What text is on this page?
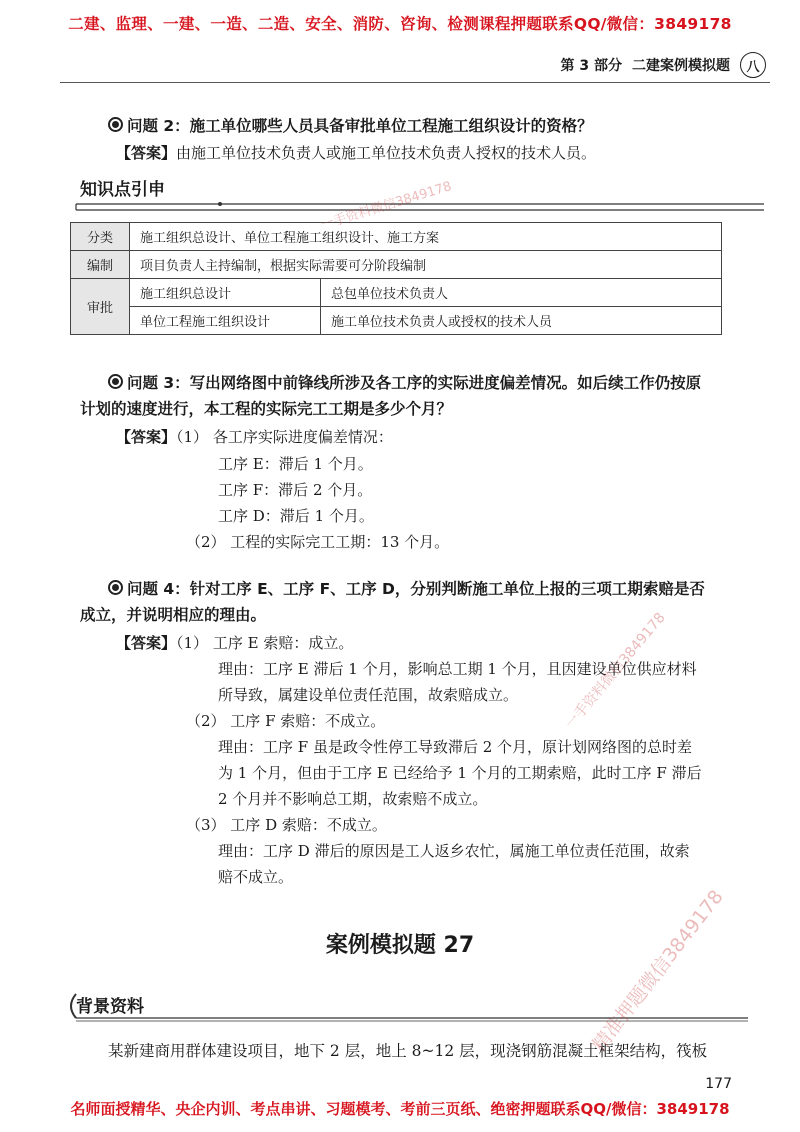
二建、监理、一建、一造、二造、安全、消防、咨询、检测课程押题联系QQ/微信：3849178
第 3 部分 二建案例模拟题	八
问题 2：施工单位哪些人员具备审批单位工程施工组织设计的资格？
【答案】由施工单位技术负责人或施工单位技术负责人授权的技术人员。
知识点引申
分类	施工组织总设计、单位工程施工组织设计、施工方案	
编制	项目负责人主持编制，根据实际需要可分阶段编制	
审批	施工组织总设计	总包单位技术负责人
	单位工程施工组织设计	施工单位技术负责人或授权的技术人员
问题 3：写出网络图中前锋线所涉及各工序的实际进度偏差情况。如后续工作仍按原
计划的速度进行，本工程的实际完工工期是多少个月？
【答案】（1） 各工序实际进度偏差情况：
工序 E：滞后 1 个月。
工序 F：滞后 2 个月。
工序 D：滞后 1 个月。
（2） 工程的实际完工工期：13 个月。
问题 4：针对工序 E、工序 F、工序 D，分别判断施工单位上报的三项工期索赔是否
成立，并说明相应的理由。
【答案】（1） 工序 E 索赔：成立。
理由：工序 E 滞后 1 个月，影响总工期 1 个月，且因建设单位供应材料
所导致，属建设单位责任范围，故索赔成立。
（2） 工序 F 索赔：不成立。
理由：工序 F 虽是政令性停工导致滞后 2 个月，原计划网络图的总时差
为 1 个月，但由于工序 E 已经给予 1 个月的工期索赔，此时工序 F 滞后
2 个月并不影响总工期，故索赔不成立。
（3） 工序 D 索赔：不成立。
理由：工序 D 滞后的原因是工人返乡农忙，属施工单位责任范围，故索
赔不成立。
案例模拟题 27
背景资料
某新建商用群体建设项目，地下 2 层，地上 8~12 层，现浇钢筋混凝土框架结构，筏板
177
名师面授精华、央企内训、考点串讲、习题模考、考前三页纸、绝密押题联系QQ/微信：3849178
一手资料微信3849178
一手资料微信3849178
精准押题微信3849178
